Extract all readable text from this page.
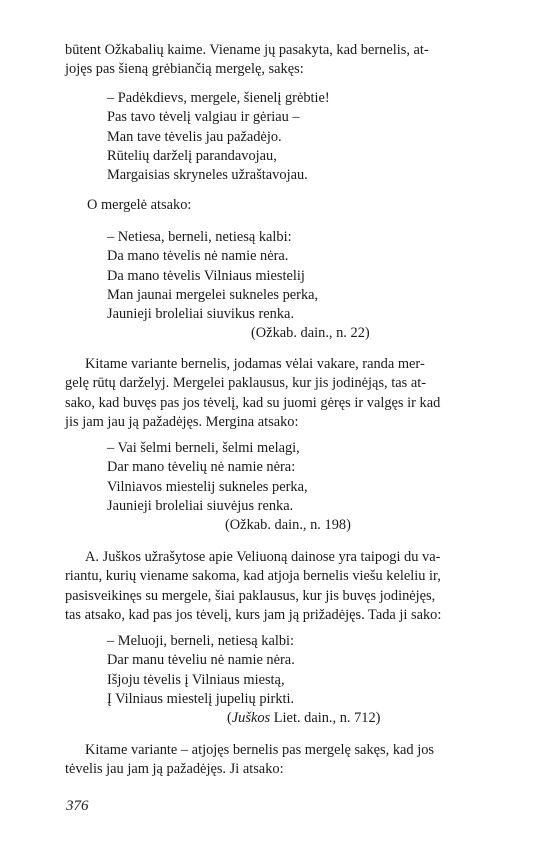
būtent Ožkabalių kaime. Viename jų pasakyta, kad bernelis, at-
jojęs pas šieną grėbiančią mergelę, sakęs:

– Padėkdievs, mergele, šienelį grėbtie!
Pas tavo tėvelį valgiau ir gėriau –
Man tave tėvelis jau pažadėjo.
Rūtelių darželį parandavojau,
Margaisias skryneles užraštavojau.

O mergelė atsako:

– Netiesa, berneli, netiesą kalbi:
Da mano tėvelis nė namie nėra.
Da mano tėvelis Vilniaus miestelij
Man jaunai mergelei sukneles perka,
Jaunieji broleliai siuvikus renka.

(Ožkab. dain., n. 22)

Kitame variante bernelis, jodamas vėlai vakare, randa mer-
gelę rūtų darželyj. Mergelei paklausus, kur jis jodinėjąs, tas at-
sako, kad buvęs pas jos tėvelį, kad su juomi gėręs ir valgęs ir kad
jis jam jau ją pažadėjęs. Mergina atsako:

– Vai šelmi berneli, šelmi melagi,
Dar mano tėvelių nė namie nėra:
Vilniavos miestelij sukneles perka,
Jaunieji broleliai siuvėjus renka.

(Ožkab. dain., n. 198)

A. Juškos užrašytose apie Veliuoną dainose yra taipogi du va-
riantu, kurių viename sakoma, kad atjoja bernelis viešu keleliu ir,
pasisveikinęs su mergele, šiai paklausus, kur jis buvęs jodinėjęs,
tas atsako, kad pas jos tėvelį, kurs jam ją prižadėjęs. Tada ji sako:

– Meluoji, berneli, netiesą kalbi:
Dar manu tėveliu nė namie nėra.
Išjoju tėvelis į Vilniaus miestą,
Į Vilniaus miestelį jupelių pirkti.

(Juškos Liet. dain., n. 712)

Kitame variante – atjojęs bernelis pas mergelę sakęs, kad jos
tėvelis jau jam ją pažadėjęs. Ji atsako:

376
